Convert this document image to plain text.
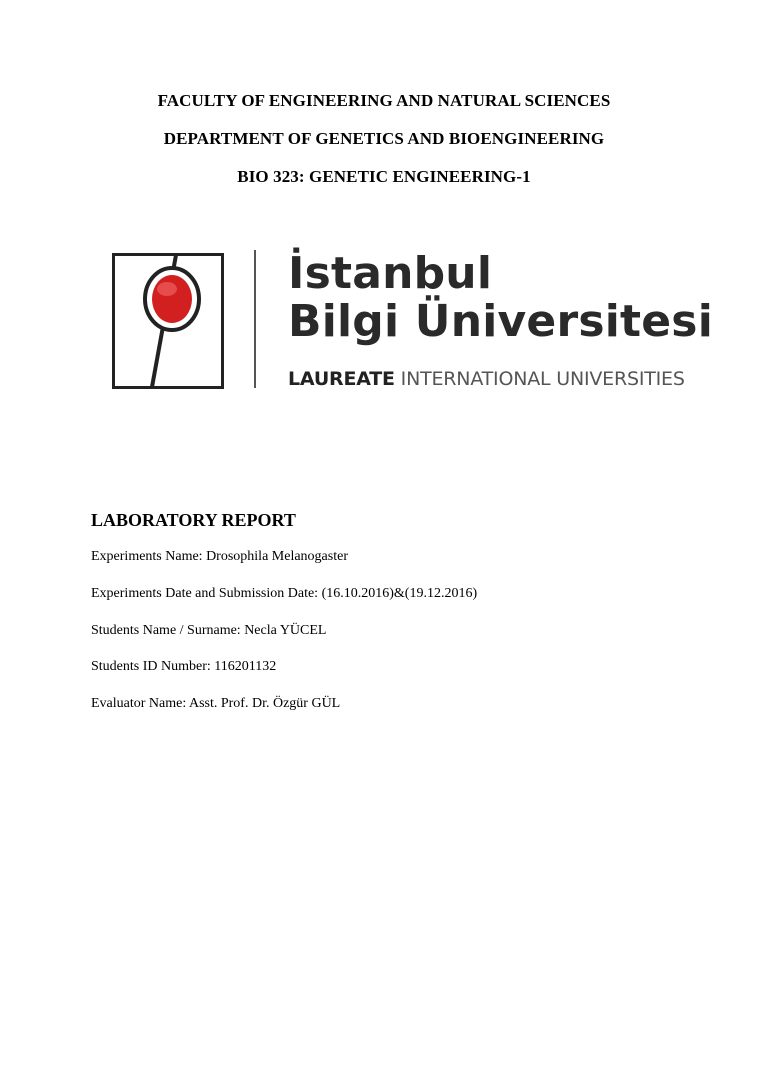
FACULTY OF ENGINEERING AND NATURAL SCIENCES
DEPARTMENT OF GENETICS AND BIOENGINEERING
BIO 323: GENETIC ENGINEERING-1
İstanbul
Bilgi Üniversitesi
LAUREATE INTERNATIONAL UNIVERSITIES
LABORATORY REPORT
Experiments Name: Drosophila Melanogaster
Experiments Date and Submission Date: (16.10.2016)&(19.12.2016)
Students Name / Surname: Necla YÜCEL
Students ID Number: 116201132
Evaluator Name: Asst. Prof. Dr. Özgür GÜL
